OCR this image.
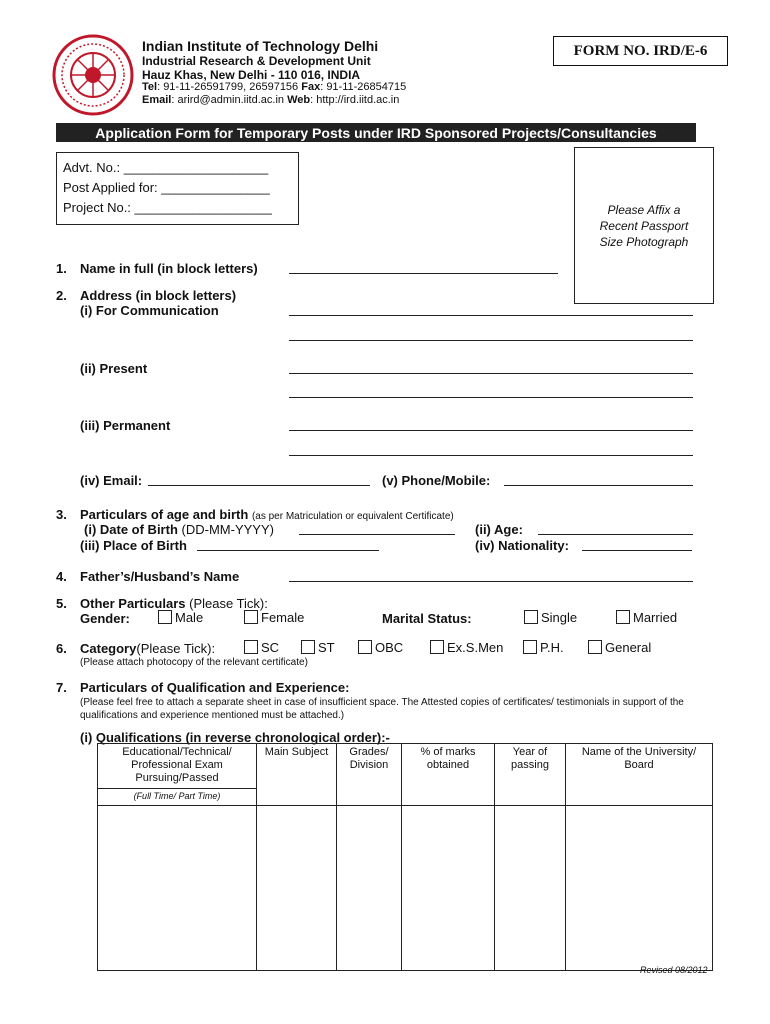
Indian Institute of Technology Delhi
Industrial Research & Development Unit
Hauz Khas, New Delhi - 110 016, INDIA
Tel: 91-11-26591799, 26597156 Fax: 91-11-26854715
Email: arird@admin.iitd.ac.in Web: http://ird.iitd.ac.in
FORM NO. IRD/E-6
Application Form for Temporary Posts under IRD Sponsored Projects/Consultancies
Advt. No.: ____________________
Post Applied for: _______________
Project No.: ___________________	Please Affix a Recent Passport Size Photograph
1. Name in full (in block letters)
2. Address (in block letters)
(i) For Communication
(ii) Present
(iii) Permanent
(iv) Email:	(v) Phone/Mobile:
3. Particulars of age and birth (as per Matriculation or equivalent Certificate)
(i) Date of Birth (DD-MM-YYYY)	(ii) Age:
(iii) Place of Birth	(iv) Nationality:
4. Father’s/Husband’s Name
5. Other Particulars (Please Tick):
Gender:	Male	Female	Marital Status:	Single	Married
6. Category(Please Tick):	SC	ST	OBC	Ex.S.Men	P.H.	General
(Please attach photocopy of the relevant certificate)
7. Particulars of Qualification and Experience:
(Please feel free to attach a separate sheet in case of insufficient space. The Attested copies of certificates/ testimonials in support of the qualifications and experience mentioned must be attached.)
(i) Qualifications (in reverse chronological order):-
Educational/Technical/ Professional Exam Pursuing/Passed
(Full Time/ Part Time)	Main Subject	Grades/ Division	% of marks obtained	Year of passing	Name of the University/ Board

Revised 08/2012
